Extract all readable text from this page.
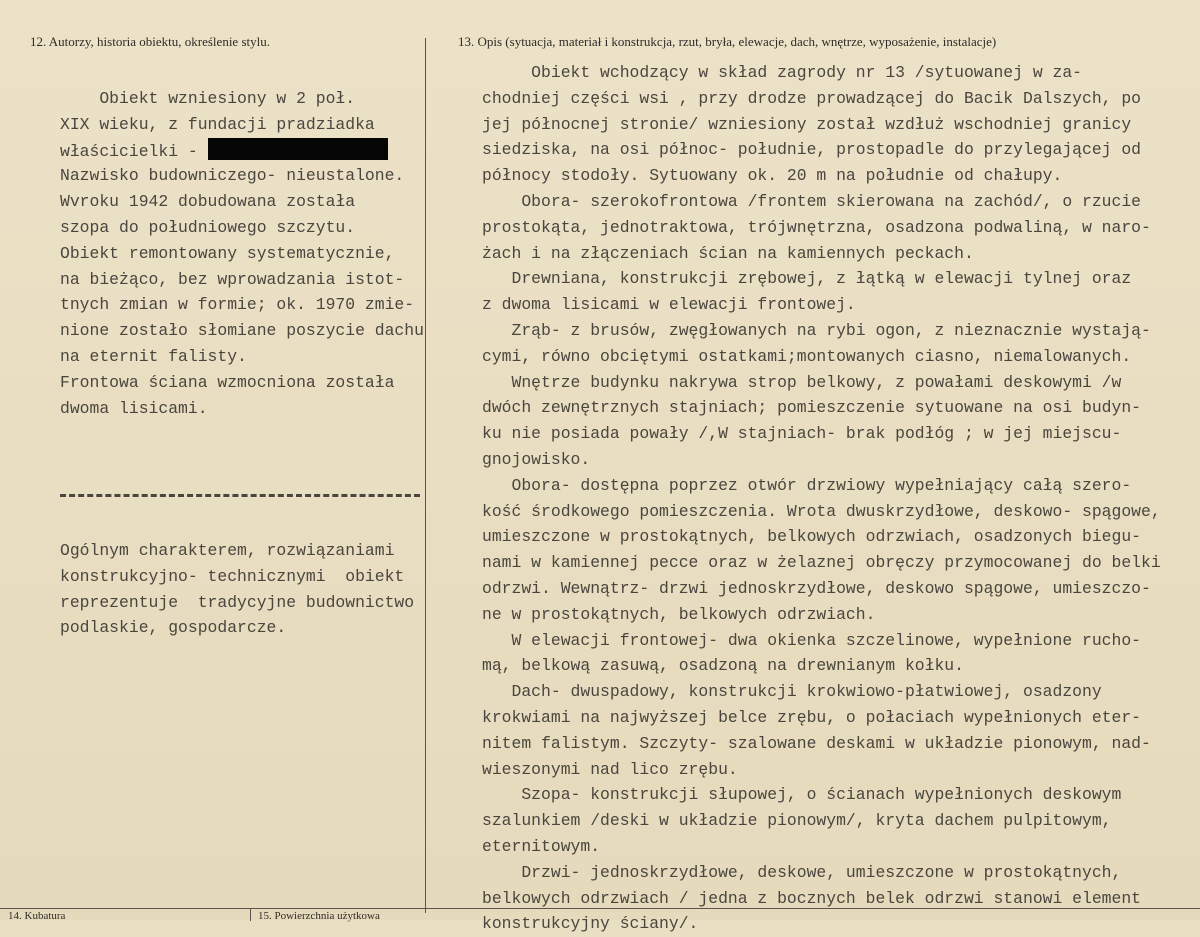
12. Autorzy, historia obiektu, określenie stylu.	13. Opis (sytuacja, materiał i konstrukcja, rzut, bryła, elewacje, dach, wnętrze, wyposażenie, instalacje)
Obiekt wzniesiony w 2 poł.
XIX wieku, z fundacji pradziadka
właścicielki -
Nazwisko budowniczego- nieustalone.
Wvroku 1942 dobudowana została
szopa do południowego szczytu.
Obiekt remontowany systematycznie,
na bieżąco, bez wprowadzania istot-
tnych zmian w formie; ok. 1970 zmie-
nione zostało słomiane poszycie dachu
na eternit falisty.
Frontowa ściana wzmocniona została
dwoma lisicami.
Ogólnym charakterem, rozwiązaniami
konstrukcyjno- technicznymi  obiekt
reprezentuje  tradycyjne budownictwo
podlaskie, gospodarcze.
Obiekt wchodzący w skład zagrody nr 13 /sytuowanej w za-
chodniej części wsi , przy drodze prowadzącej do Bacik Dalszych, po
jej północnej stronie/ wzniesiony został wzdłuż wschodniej granicy
siedziska, na osi północ- południe, prostopadle do przylegającej od
północy stodoły. Sytuowany ok. 20 m na południe od chałupy.
Obora- szerokofrontowa /frontem skierowana na zachód/, o rzucie
prostokąta, jednotraktowa, trójwnętrzna, osadzona podwaliną, w naro-
żach i na złączeniach ścian na kamiennych peckach.
Drewniana, konstrukcji zrębowej, z łątką w elewacji tylnej oraz
z dwoma lisicami w elewacji frontowej.
Zrąb- z brusów, zwęgłowanych na rybi ogon, z nieznacznie wystają-
cymi, równo obciętymi ostatkami;montowanych ciasno, niemalowanych.
Wnętrze budynku nakrywa strop belkowy, z powałami deskowymi /w
dwóch zewnętrznych stajniach; pomieszczenie sytuowane na osi budyn-
ku nie posiada powały /,W stajniach- brak podłóg ; w jej miejscu-
gnojowisko.
Obora- dostępna poprzez otwór drzwiowy wypełniający całą szero-
kość środkowego pomieszczenia. Wrota dwuskrzydłowe, deskowo- spągowe,
umieszczone w prostokątnych, belkowych odrzwiach, osadzonych biegu-
nami w kamiennej pecce oraz w żelaznej obręczy przymocowanej do belki
odrzwi. Wewnątrz- drzwi jednoskrzydłowe, deskowo spągowe, umieszczo-
ne w prostokątnych, belkowych odrzwiach.
W elewacji frontowej- dwa okienka szczelinowe, wypełnione rucho-
mą, belkową zasuwą, osadzoną na drewnianym kołku.
Dach- dwuspadowy, konstrukcji krokwiowo-płatwiowej, osadzony
krokwiami na najwyższej belce zrębu, o połaciach wypełnionych eter-
nitem falistym. Szczyty- szalowane deskami w układzie pionowym, nad-
wieszonymi nad lico zrębu.
Szopa- konstrukcji słupowej, o ścianach wypełnionych deskowym
szalunkiem /deski w układzie pionowym/, kryta dachem pulpitowym,
eternitowym.
Drzwi- jednoskrzydłowe, deskowe, umieszczone w prostokątnych,
belkowych odrzwiach / jedna z bocznych belek odrzwi stanowi element
konstrukcyjny ściany/.
14. Kubatura	15. Powierzchnia użytkowa
